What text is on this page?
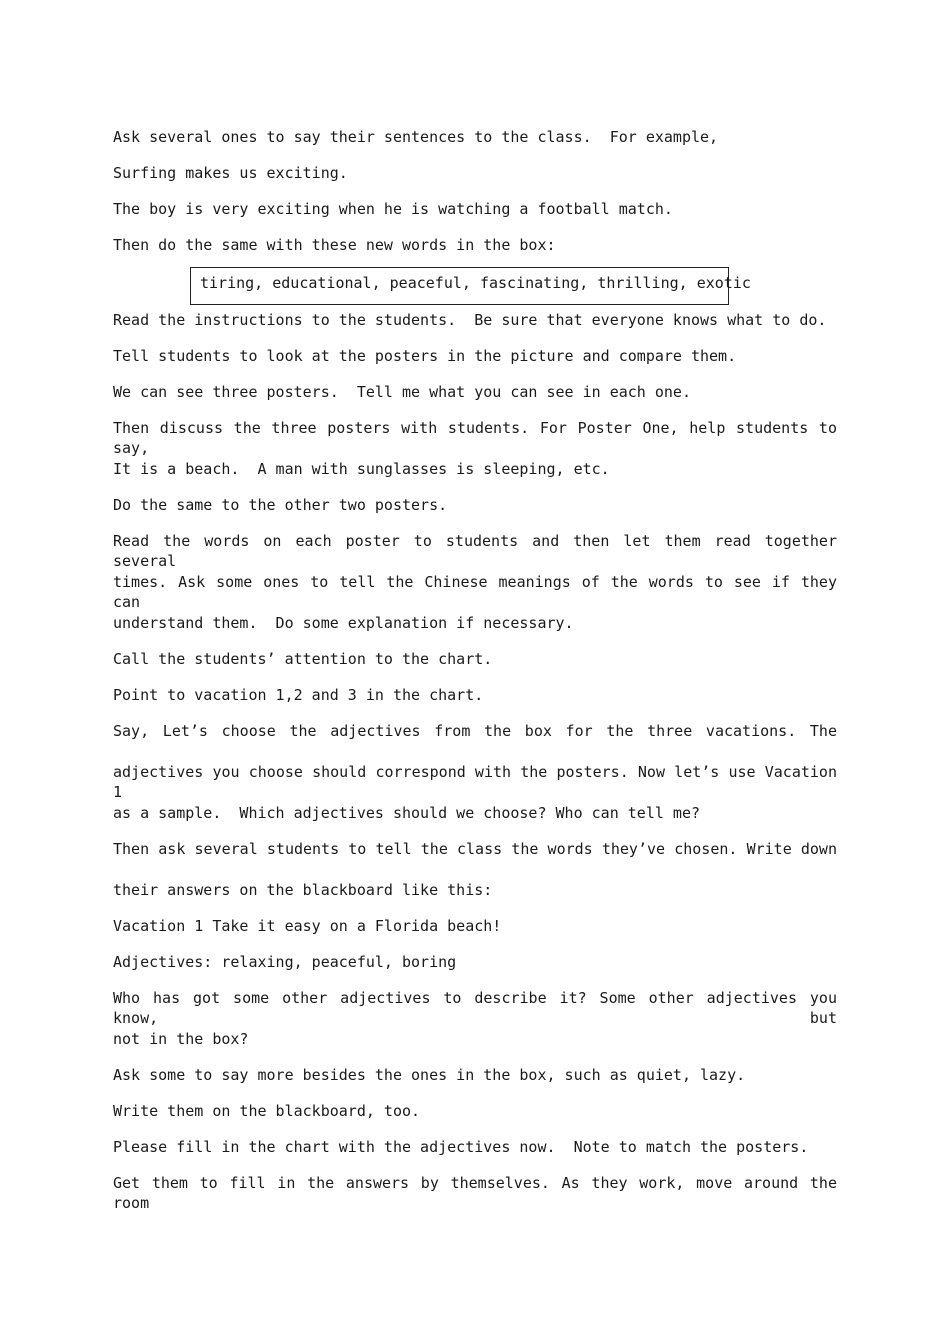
Ask several ones to say their sentences to the class.  For example,
Surfing makes us exciting.
The boy is very exciting when he is watching a football match.
Then do the same with these new words in the box:
tiring, educational, peaceful, fascinating, thrilling, exotic
Read the instructions to the students.  Be sure that everyone knows what to do.
Tell students to look at the posters in the picture and compare them.
We can see three posters.  Tell me what you can see in each one.
Then discuss the three posters with students. For Poster One, help students to say,
It is a beach.  A man with sunglasses is sleeping, etc.
Do the same to the other two posters.
Read the words on each poster to students and then let them read together several
times. Ask some ones to tell the Chinese meanings of the words to see if they can
understand them.  Do some explanation if necessary.
Call the students’ attention to the chart.
Point to vacation 1,2 and 3 in the chart.
Say, Let’s choose the adjectives from the box for the three vacations. The
adjectives you choose should correspond with the posters. Now let’s use Vacation 1
as a sample.  Which adjectives should we choose? Who can tell me?
Then ask several students to tell the class the words they’ve chosen. Write down
their answers on the blackboard like this:
Vacation 1 Take it easy on a Florida beach!
Adjectives: relaxing, peaceful, boring
Who has got some other adjectives to describe it? Some other adjectives you know, but
not in the box?
Ask some to say more besides the ones in the box, such as quiet, lazy.
Write them on the blackboard, too.
Please fill in the chart with the adjectives now.  Note to match the posters.
Get them to fill in the answers by themselves. As they work, move around the room
